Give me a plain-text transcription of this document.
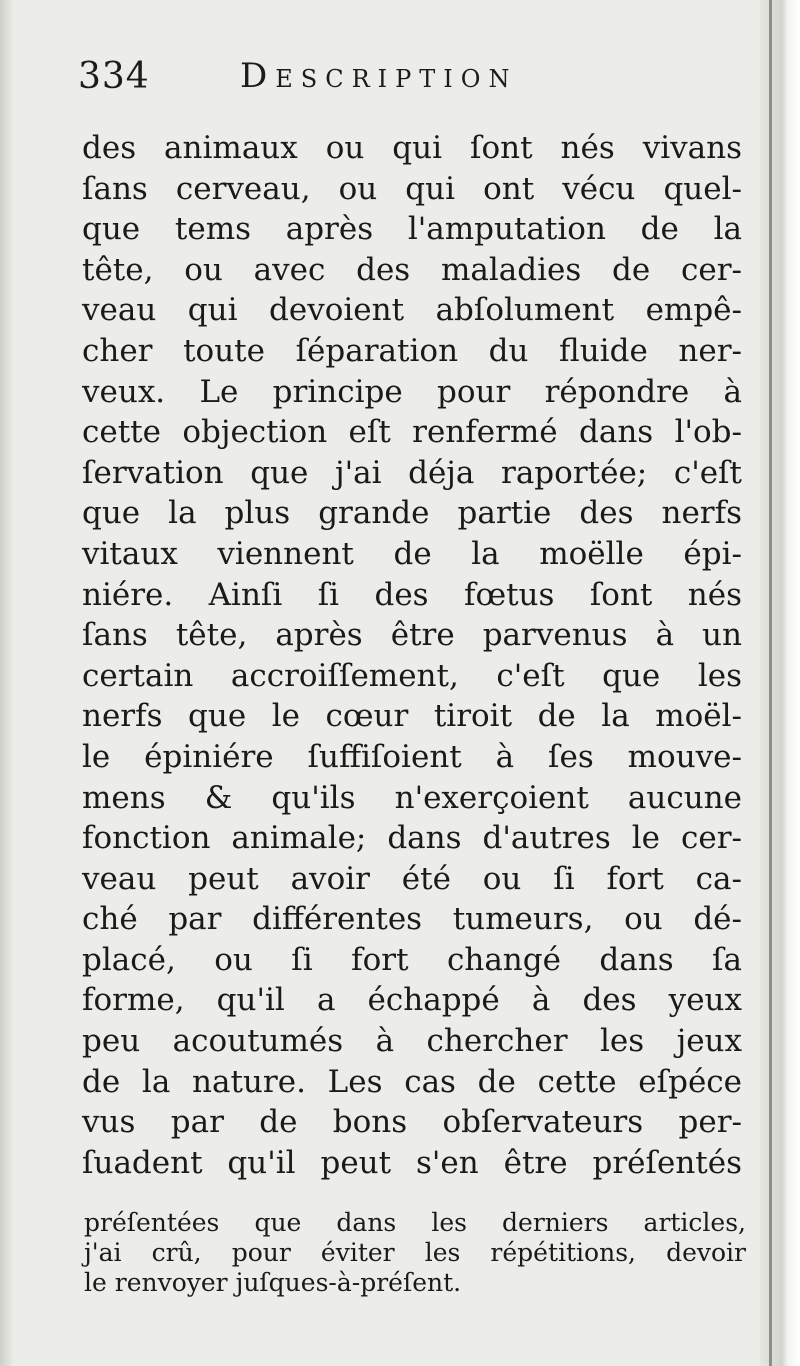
334	Description
des animaux ou qui ſont nés vivans
ſans cerveau, ou qui ont vécu quel-
que tems après l'amputation de la
tête, ou avec des maladies de cer-
veau qui devoient abſolument empê-
cher toute ſéparation du fluide ner-
veux. Le principe pour répondre à
cette objection eſt renfermé dans l'ob-
ſervation que j'ai déja raportée; c'eſt
que la plus grande partie des nerfs
vitaux viennent de la moëlle épi-
niére. Ainſi ſi des fœtus ſont nés
ſans tête, après être parvenus à un
certain accroiſſement, c'eſt que les
nerfs que le cœur tiroit de la moël-
le épiniére ſuffiſoient à ſes mouve-
mens & qu'ils n'exerçoient aucune
fonction animale; dans d'autres le cer-
veau peut avoir été ou ſi fort ca-
ché par différentes tumeurs, ou dé-
placé, ou ſi fort changé dans ſa
forme, qu'il a échappé à des yeux
peu acoutumés à chercher les jeux
de la nature. Les cas de cette eſpéce
vus par de bons obſervateurs per-
ſuadent qu'il peut s'en être préſentés
préſentées que dans les derniers articles,
j'ai crû, pour éviter les répétitions, devoir
le renvoyer juſques-à-préſent.
